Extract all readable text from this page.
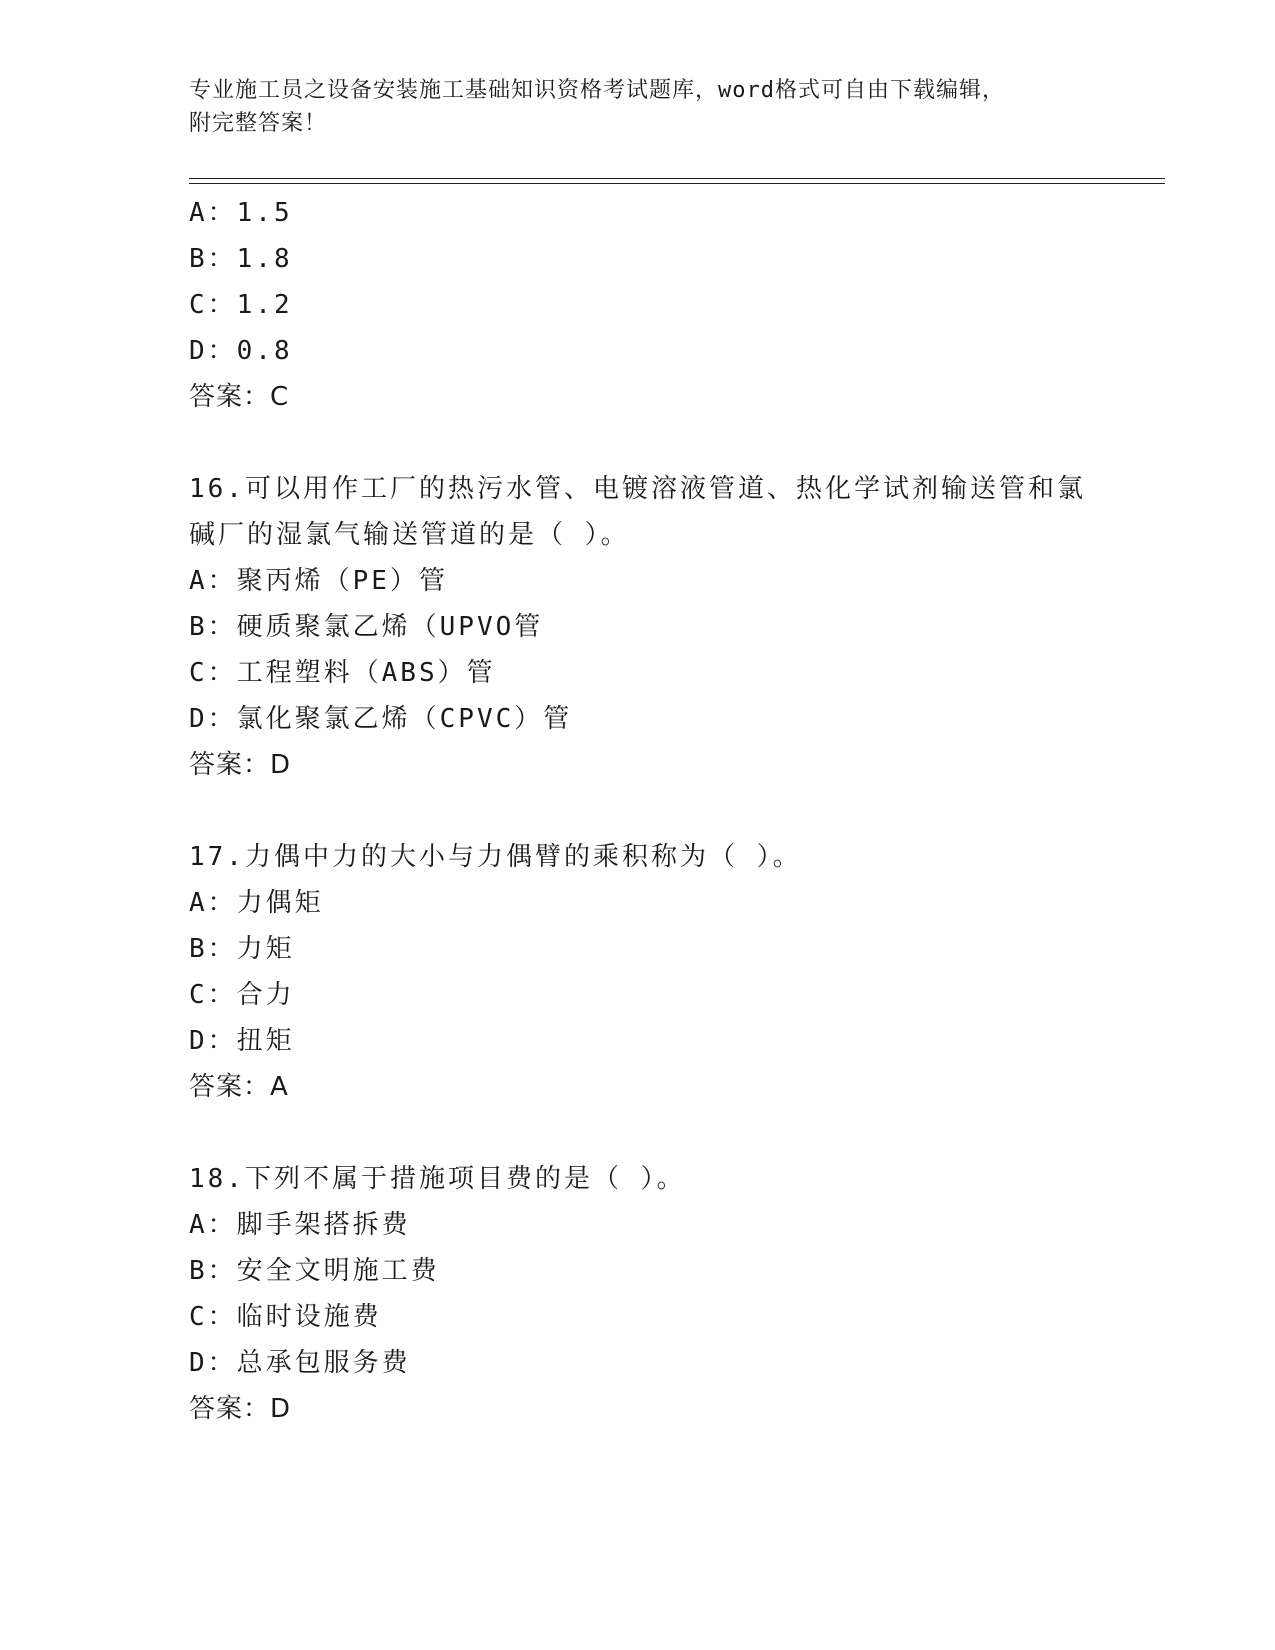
专业施工员之设备安装施工基础知识资格考试题库，word格式可自由下载编辑，
附完整答案！
A：1.5
B：1.8
C：1.2
D：0.8
答案：C
16.可以用作工厂的热污水管、电镀溶液管道、热化学试剂输送管和氯
碱厂的湿氯气输送管道的是（ ）。
A：聚丙烯（PE）管
B：硬质聚氯乙烯（UPVO管
C：工程塑料（ABS）管
D：氯化聚氯乙烯（CPVC）管
答案：D
17.力偶中力的大小与力偶臂的乘积称为（ ）。
A：力偶矩
B：力矩
C：合力
D：扭矩
答案：A
18.下列不属于措施项目费的是（ ）。
A：脚手架搭拆费
B：安全文明施工费
C：临时设施费
D：总承包服务费
答案：D
